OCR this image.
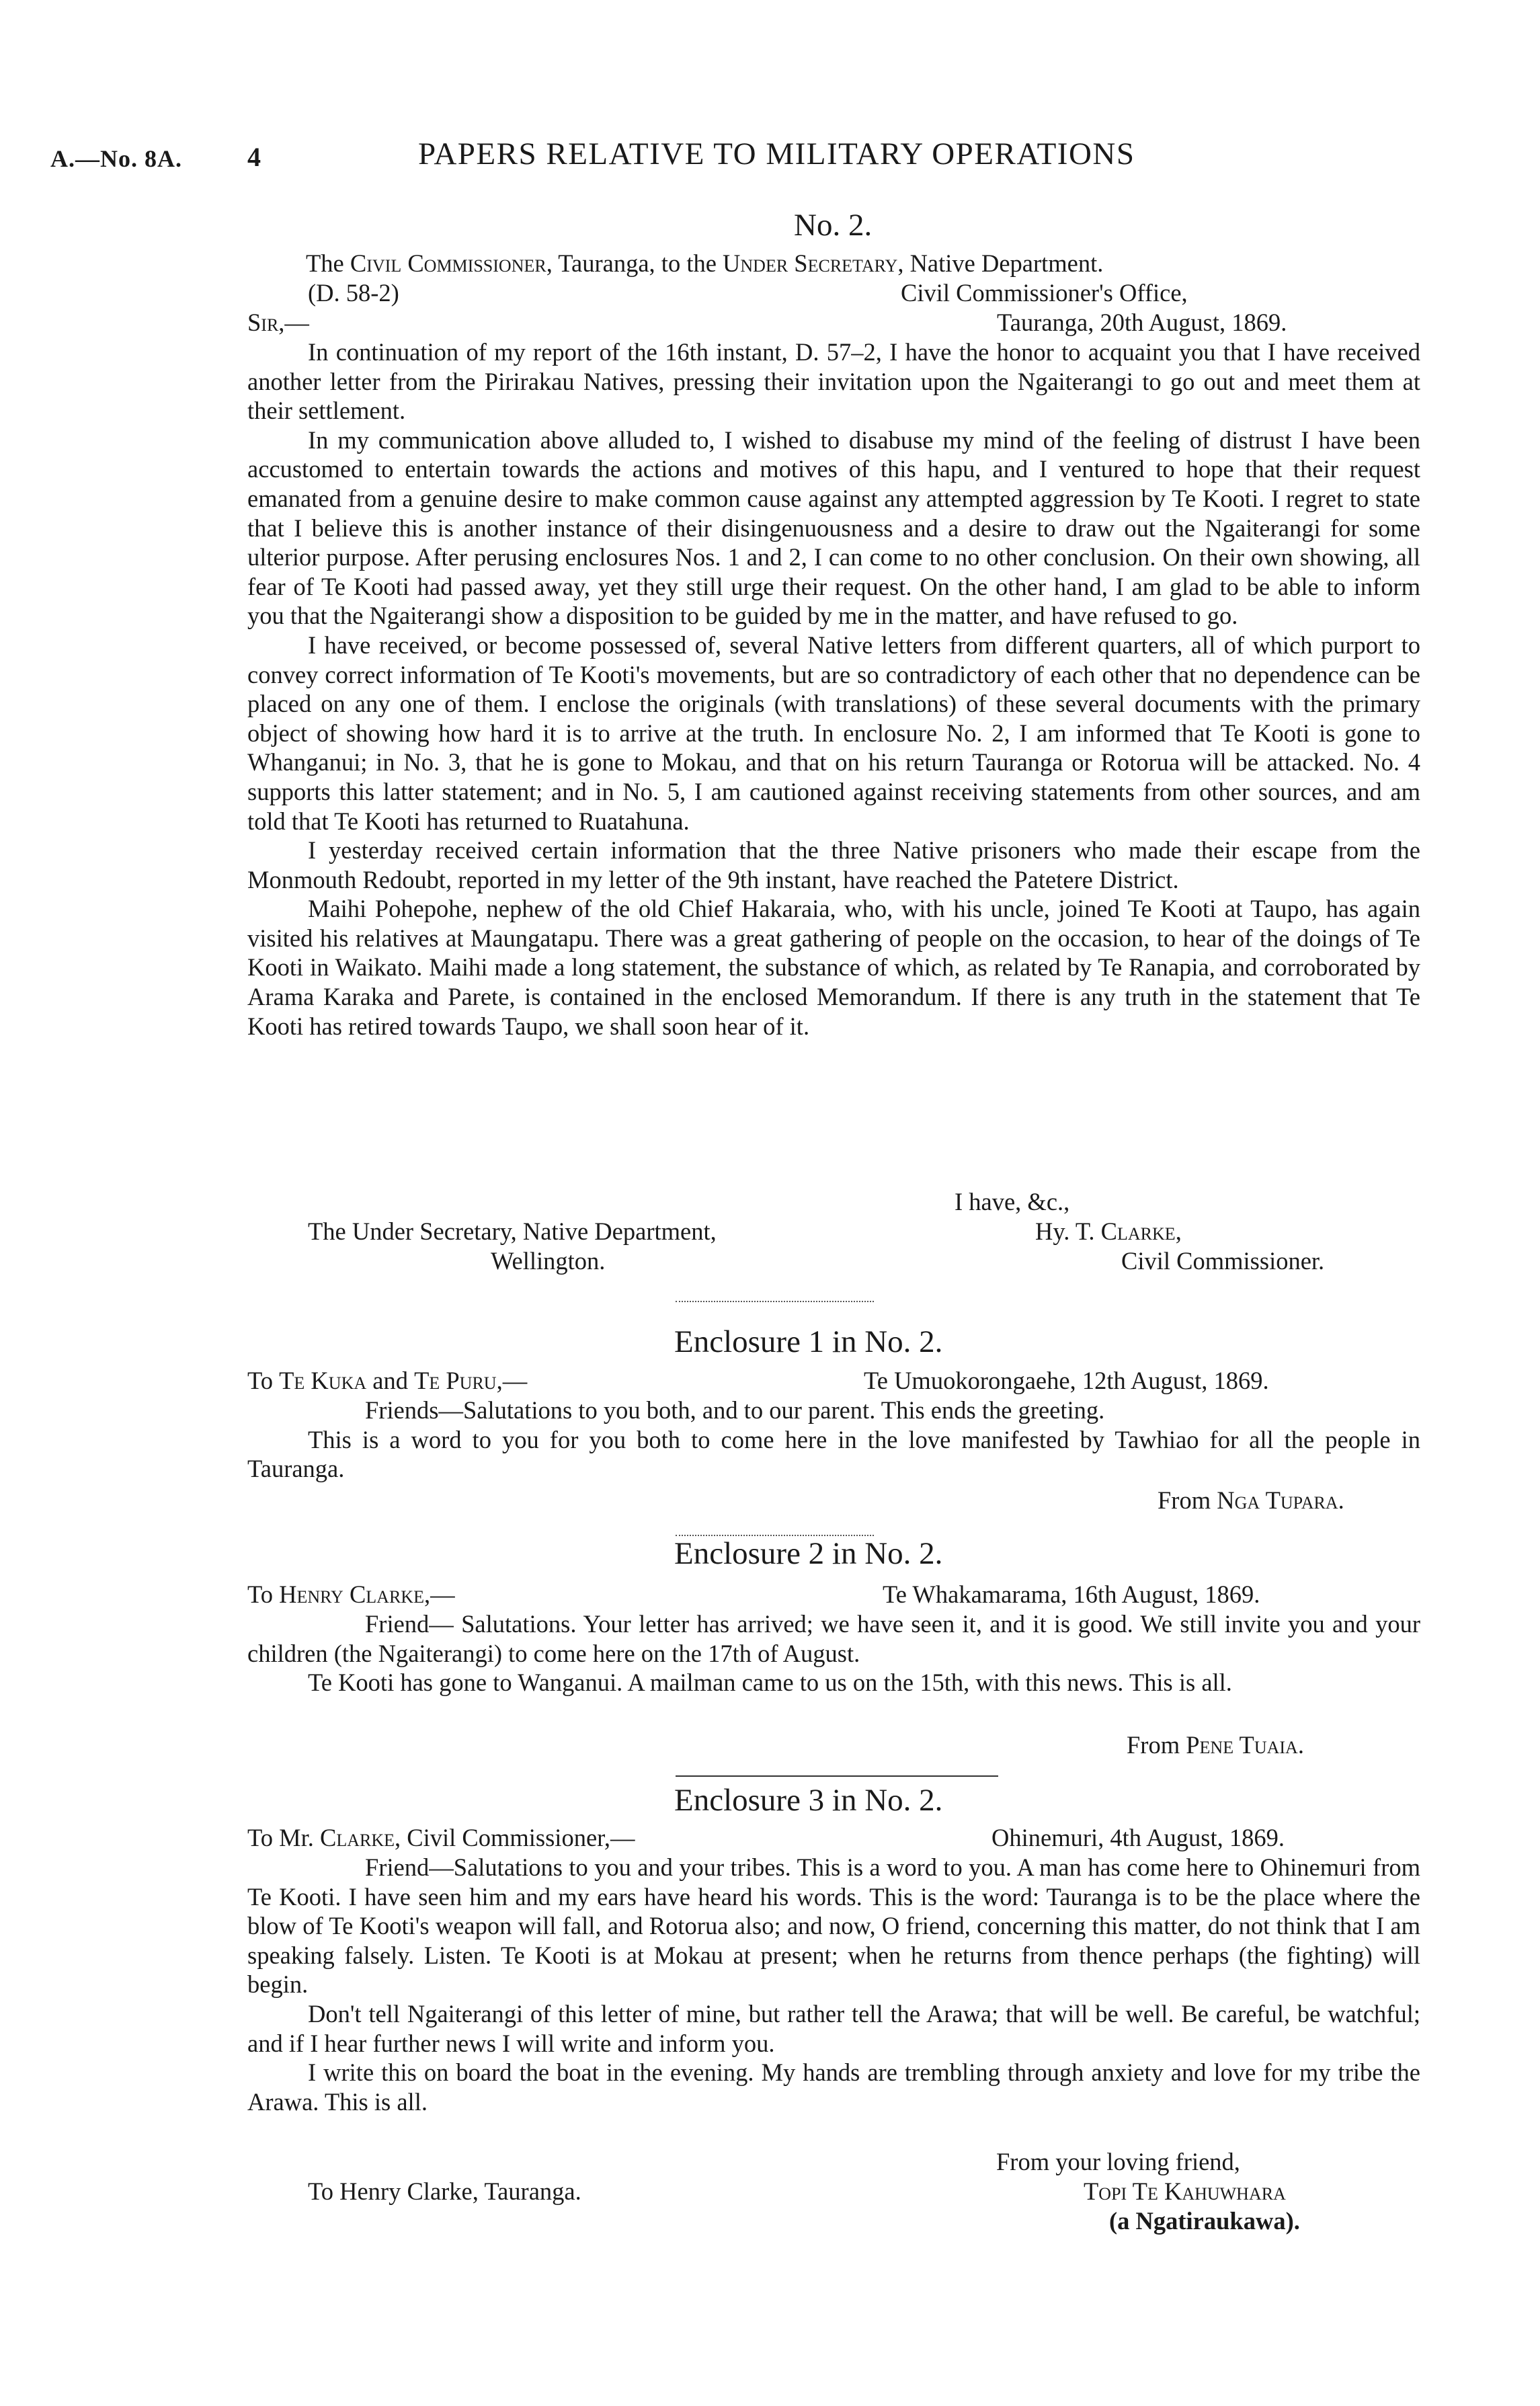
A.—No. 8A. 4	PAPERS RELATIVE TO MILITARY OPERATIONS
No. 2.
The Civil Commissioner, Tauranga, to the Under Secretary, Native Department.
(D. 58-2)	Civil Commissioner's Office,
Sir,—	Tauranga, 20th August, 1869.

In continuation of my report of the 16th instant, D. 57–2, I have the honor to acquaint you that I have received another letter from the Pirirakau Natives, pressing their invitation upon the Ngaiterangi to go out and meet them at their settlement.

In my communication above alluded to, I wished to disabuse my mind of the feeling of distrust I have been accustomed to entertain towards the actions and motives of this hapu, and I ventured to hope that their request emanated from a genuine desire to make common cause against any attempted aggression by Te Kooti. I regret to state that I believe this is another instance of their disingenuousness and a desire to draw out the Ngaiterangi for some ulterior purpose. After perusing enclosures Nos. 1 and 2, I can come to no other conclusion. On their own showing, all fear of Te Kooti had passed away, yet they still urge their request. On the other hand, I am glad to be able to inform you that the Ngaiterangi show a disposition to be guided by me in the matter, and have refused to go.

I have received, or become possessed of, several Native letters from different quarters, all of which purport to convey correct information of Te Kooti's movements, but are so contradictory of each other that no dependence can be placed on any one of them. I enclose the originals (with translations) of these several documents with the primary object of showing how hard it is to arrive at the truth. In enclosure No. 2, I am informed that Te Kooti is gone to Whanganui; in No. 3, that he is gone to Mokau, and that on his return Tauranga or Rotorua will be attacked. No. 4 supports this latter statement; and in No. 5, I am cautioned against receiving statements from other sources, and am told that Te Kooti has returned to Ruatahuna.

I yesterday received certain information that the three Native prisoners who made their escape from the Monmouth Redoubt, reported in my letter of the 9th instant, have reached the Patetere District.

Maihi Pohepohe, nephew of the old Chief Hakaraia, who, with his uncle, joined Te Kooti at Taupo, has again visited his relatives at Maungatapu. There was a great gathering of people on the occasion, to hear of the doings of Te Kooti in Waikato. Maihi made a long statement, the substance of which, as related by Te Ranapia, and corroborated by Arama Karaka and Parete, is contained in the enclosed Memorandum. If there is any truth in the statement that Te Kooti has retired towards Taupo, we shall soon hear of it.

I have, &c.,
The Under Secretary, Native Department,	Hy. T. Clarke,
Wellington.	Civil Commissioner.
Enclosure 1 in No. 2.
To Te Kuka and Te Puru,—	Te Umuokorongaehe, 12th August, 1869.

Friends—Salutations to you both, and to our parent. This ends the greeting.

This is a word to you for you both to come here in the love manifested by Tawhiao for all the people in Tauranga.

From Nga Tupara.
Enclosure 2 in No. 2.
To Henry Clarke,—	Te Whakamarama, 16th August, 1869.

Friend— Salutations. Your letter has arrived; we have seen it, and it is good. We still invite you and your children (the Ngaiterangi) to come here on the 17th of August.

Te Kooti has gone to Wanganui. A mailman came to us on the 15th, with this news. This is all.

From Pene Tuaia.
Enclosure 3 in No. 2.
To Mr. Clarke, Civil Commissioner,—	Ohinemuri, 4th August, 1869.

Friend—Salutations to you and your tribes. This is a word to you. A man has come here to Ohinemuri from Te Kooti. I have seen him and my ears have heard his words. This is the word: Tauranga is to be the place where the blow of Te Kooti's weapon will fall, and Rotorua also; and now, O friend, concerning this matter, do not think that I am speaking falsely. Listen. Te Kooti is at Mokau at present; when he returns from thence perhaps (the fighting) will begin.

Don't tell Ngaiterangi of this letter of mine, but rather tell the Arawa; that will be well. Be careful, be watchful; and if I hear further news I will write and inform you.

I write this on board the boat in the evening. My hands are trembling through anxiety and love for my tribe the Arawa. This is all.

From your loving friend,
To Henry Clarke, Tauranga.	Topi Te Kahuwhara
(a Ngatiraukawa).
